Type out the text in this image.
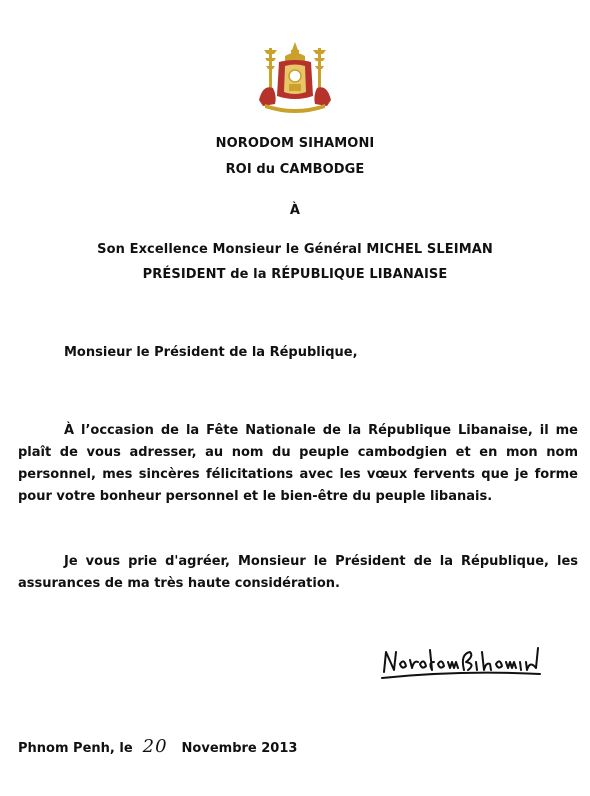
NORODOM SIHAMONI
ROI du CAMBODGE
À
Son Excellence Monsieur le Général MICHEL SLEIMAN
PRÉSIDENT de la RÉPUBLIQUE LIBANAISE
Monsieur le Président de la République,
À l’occasion de la Fête Nationale de la République Libanaise, il me plaît de vous adresser, au nom du peuple cambodgien et en mon nom personnel, mes sincères félicitations avec les vœux fervents que je forme pour votre bonheur personnel et le bien-être du peuple libanais.
Je vous prie d'agréer, Monsieur le Président de la République, les assurances de ma très haute considération.
Phnom Penh, le 20 Novembre 2013
